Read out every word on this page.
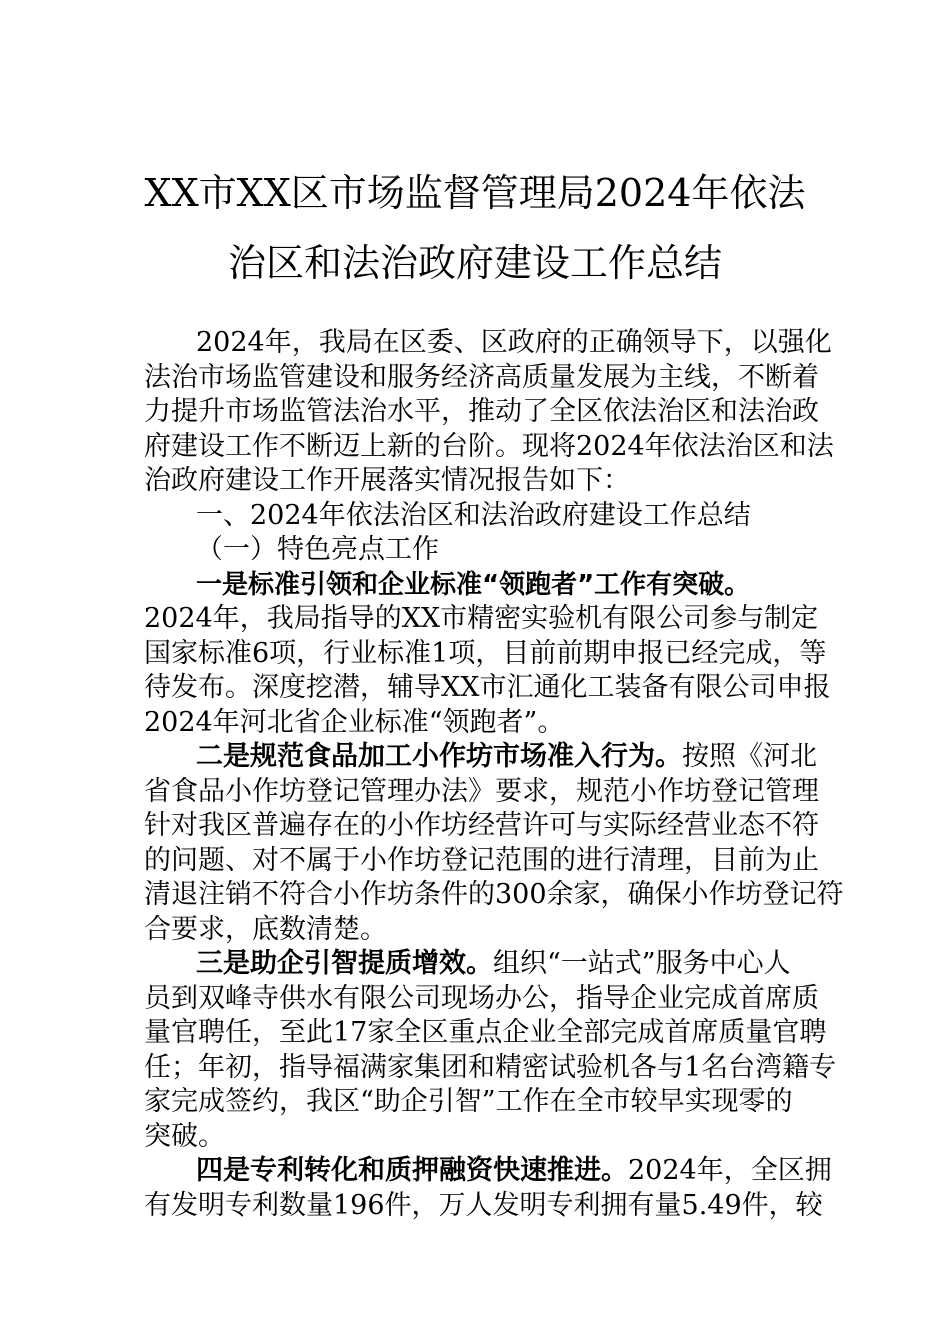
XX市XX区市场监督管理局2024年依法
治区和法治政府建设工作总结
2024年，我局在区委、区政府的正确领导下，以强化
法治市场监管建设和服务经济高质量发展为主线，不断着
力提升市场监管法治水平，推动了全区依法治区和法治政
府建设工作不断迈上新的台阶。现将2024年依法治区和法
治政府建设工作开展落实情况报告如下：
一、2024年依法治区和法治政府建设工作总结
（一）特色亮点工作
一是标准引领和企业标准“领跑者”工作有突破。
2024年，我局指导的XX市精密实验机有限公司参与制定
国家标准6项，行业标准1项，目前前期申报已经完成，等
待发布。深度挖潜，辅导XX市汇通化工装备有限公司申报
2024年河北省企业标准“领跑者”。
二是规范食品加工小作坊市场准入行为。按照《河北
省食品小作坊登记管理办法》要求，规范小作坊登记管理
针对我区普遍存在的小作坊经营许可与实际经营业态不符
的问题、对不属于小作坊登记范围的进行清理，目前为止
清退注销不符合小作坊条件的300余家，确保小作坊登记符
合要求，底数清楚。
三是助企引智提质增效。组织“一站式”服务中心人
员到双峰寺供水有限公司现场办公，指导企业完成首席质
量官聘任，至此17家全区重点企业全部完成首席质量官聘
任；年初，指导福满家集团和精密试验机各与1名台湾籍专
家完成签约，我区“助企引智”工作在全市较早实现零的
突破。
四是专利转化和质押融资快速推进。2024年，全区拥
有发明专利数量196件，万人发明专利拥有量5.49件，较
